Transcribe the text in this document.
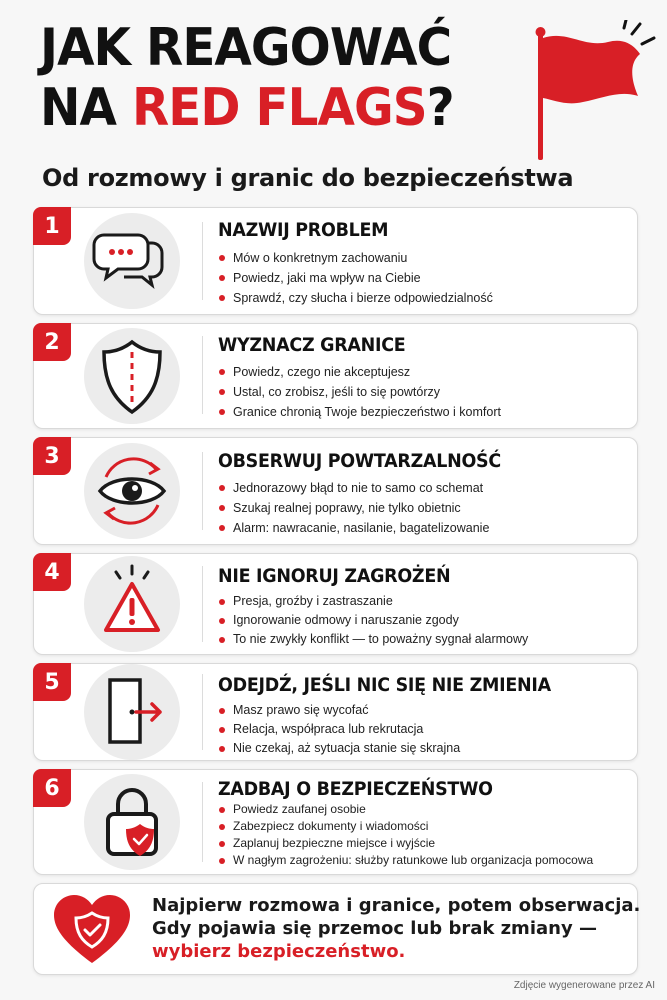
JAK REAGOWAĆ
NA RED FLAGS?
Od rozmowy i granic do bezpieczeństwa
1	NAZWIJ PROBLEM
Mów o konkretnym zachowaniu
Powiedz, jaki ma wpływ na Ciebie
Sprawdź, czy słucha i bierze odpowiedzialność
2	WYZNACZ GRANICE
Powiedz, czego nie akceptujesz
Ustal, co zrobisz, jeśli to się powtórzy
Granice chronią Twoje bezpieczeństwo i komfort
3	OBSERWUJ POWTARZALNOŚĆ
Jednorazowy błąd to nie to samo co schemat
Szukaj realnej poprawy, nie tylko obietnic
Alarm: nawracanie, nasilanie, bagatelizowanie
4	NIE IGNORUJ ZAGROŻEŃ
Presja, groźby i zastraszanie
Ignorowanie odmowy i naruszanie zgody
To nie zwykły konflikt — to poważny sygnał alarmowy
5	ODEJDŹ, JEŚLI NIC SIĘ NIE ZMIENIA
Masz prawo się wycofać
Relacja, współpraca lub rekrutacja
Nie czekaj, aż sytuacja stanie się skrajna
6	ZADBAJ O BEZPIECZEŃSTWO
Powiedz zaufanej osobie
Zabezpiecz dokumenty i wiadomości
Zaplanuj bezpieczne miejsce i wyjście
W nagłym zagrożeniu: służby ratunkowe lub organizacja pomocowa
Najpierw rozmowa i granice, potem obserwacja.
Gdy pojawia się przemoc lub brak zmiany —
wybierz bezpieczeństwo.
Zdjęcie wygenerowane przez AI
